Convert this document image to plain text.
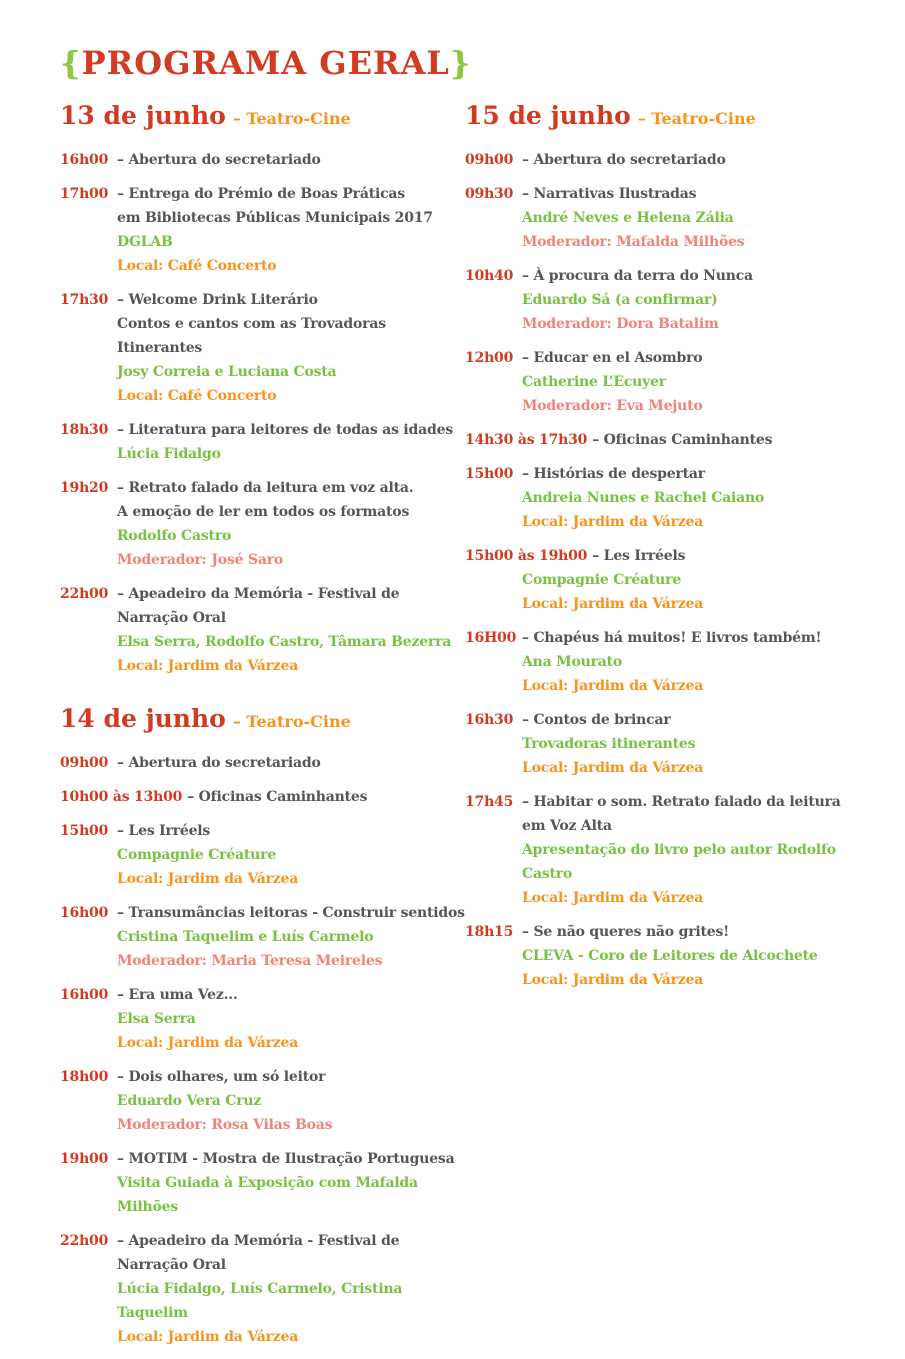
{PROGRAMA GERAL}
13 de junho – Teatro-Cine
16h00 – Abertura do secretariado
17h00 – Entrega do Prémio de Boas Práticas
em Bibliotecas Públicas Municipais 2017
DGLAB
Local: Café Concerto
17h30 – Welcome Drink Literário
Contos e cantos com as Trovadoras Itinerantes
Josy Correia e Luciana Costa
Local: Café Concerto
18h30 – Literatura para leitores de todas as idades
Lúcia Fidalgo
19h20 – Retrato falado da leitura em voz alta.
A emoção de ler em todos os formatos
Rodolfo Castro
Moderador: José Saro
22h00 – Apeadeiro da Memória - Festival de Narração Oral
Elsa Serra, Rodolfo Castro, Tâmara Bezerra
Local: Jardim da Várzea
14 de junho – Teatro-Cine
09h00 – Abertura do secretariado
10h00 às 13h00 – Oficinas Caminhantes
15h00 – Les Irréels
Compagnie Créature
Local: Jardim da Várzea
16h00 – Transumâncias leitoras - Construir sentidos
Cristina Taquelim e Luís Carmelo
Moderador: Maria Teresa Meireles
16h00 – Era uma Vez...
Elsa Serra
Local: Jardim da Várzea
18h00 – Dois olhares, um só leitor
Eduardo Vera Cruz
Moderador: Rosa Vilas Boas
19h00 – MOTIM - Mostra de Ilustração Portuguesa
Visita Guiada à Exposição com Mafalda Milhões
22h00 – Apeadeiro da Memória - Festival de Narração Oral
Lúcia Fidalgo, Luís Carmelo, Cristina Taquelim
Local: Jardim da Várzea
15 de junho – Teatro-Cine
09h00 – Abertura do secretariado
09h30 – Narrativas Ilustradas
André Neves e Helena Zália
Moderador: Mafalda Milhões
10h40 – À procura da terra do Nunca
Eduardo Sá (a confirmar)
Moderador: Dora Batalim
12h00 – Educar en el Asombro
Catherine L’Ecuyer
Moderador: Eva Mejuto
14h30 às 17h30 – Oficinas Caminhantes
15h00 – Histórias de despertar
Andreia Nunes e Rachel Caiano
Local: Jardim da Várzea
15h00 às 19h00 – Les Irréels
Compagnie Créature
Local: Jardim da Várzea
16H00 – Chapéus há muitos! E livros também!
Ana Mourato
Local: Jardim da Várzea
16h30 – Contos de brincar
Trovadoras itinerantes
Local: Jardim da Várzea
17h45 – Habitar o som. Retrato falado da leitura
em Voz Alta
Apresentação do livro pelo autor Rodolfo Castro
Local: Jardim da Várzea
18h15 – Se não queres não grites!
CLEVA - Coro de Leitores de Alcochete
Local: Jardim da Várzea
